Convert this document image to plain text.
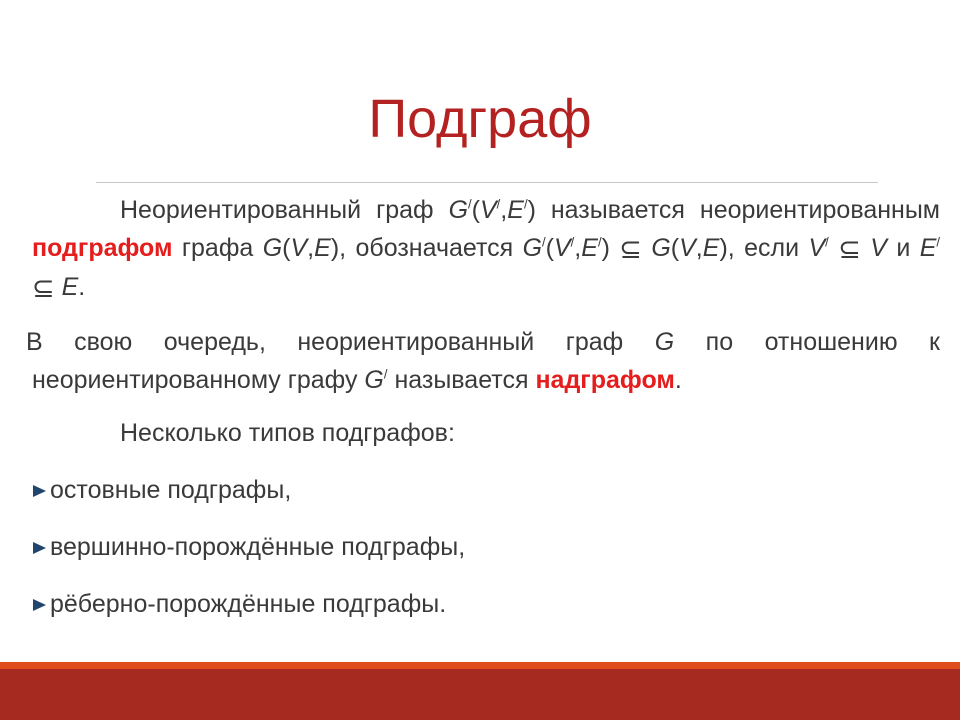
Подграф
Неориентированный граф G/(V/,E/) называется неориентированным подграфом графа G(V,E), обозначается G/(V/,E/) ⊆ G(V,E), если V/ ⊆ V и E/ ⊆ E.
В свою очередь, неориентированный граф G по отношению к неориентированному графу G/ называется надграфом.
Несколько типов подграфов:
остовные подграфы,
вершинно-порождённые подграфы,
рёберно-порождённые подграфы.
